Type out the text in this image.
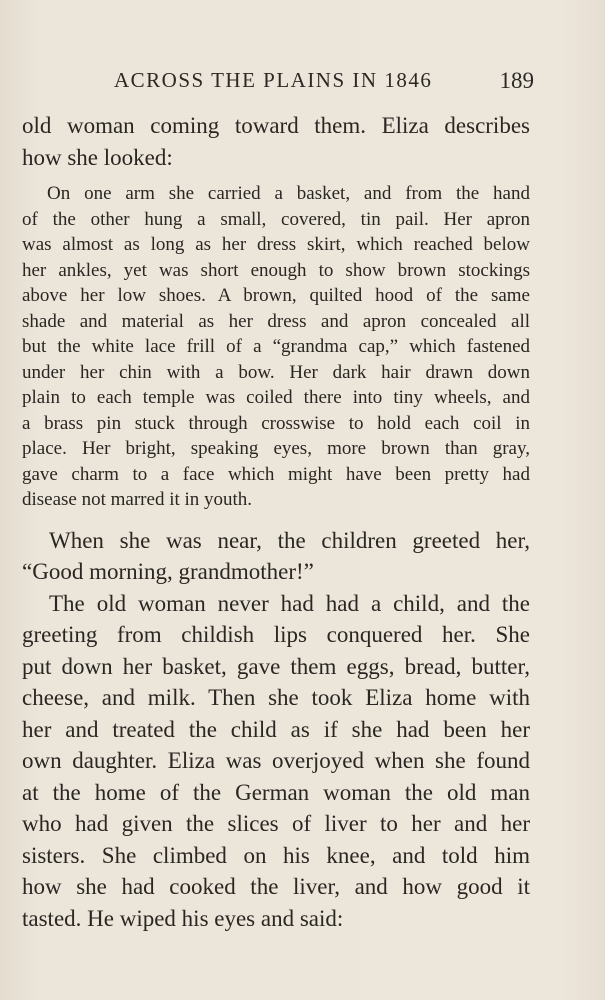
ACROSS THE PLAINS IN 1846	189
old woman coming toward them. Eliza describes
how she looked:
On one arm she carried a basket, and from the hand
of the other hung a small, covered, tin pail. Her apron
was almost as long as her dress skirt, which reached below
her ankles, yet was short enough to show brown stockings
above her low shoes. A brown, quilted hood of the same
shade and material as her dress and apron concealed all
but the white lace frill of a “grandma cap,” which fastened
under her chin with a bow. Her dark hair drawn down
plain to each temple was coiled there into tiny wheels, and
a brass pin stuck through crosswise to hold each coil in
place. Her bright, speaking eyes, more brown than gray,
gave charm to a face which might have been pretty had
disease not marred it in youth.
When she was near, the children greeted her,
“Good morning, grandmother!”
The old woman never had had a child, and the
greeting from childish lips conquered her. She
put down her basket, gave them eggs, bread, butter,
cheese, and milk. Then she took Eliza home with
her and treated the child as if she had been her
own daughter. Eliza was overjoyed when she found
at the home of the German woman the old man
who had given the slices of liver to her and her
sisters. She climbed on his knee, and told him
how she had cooked the liver, and how good it
tasted. He wiped his eyes and said:
